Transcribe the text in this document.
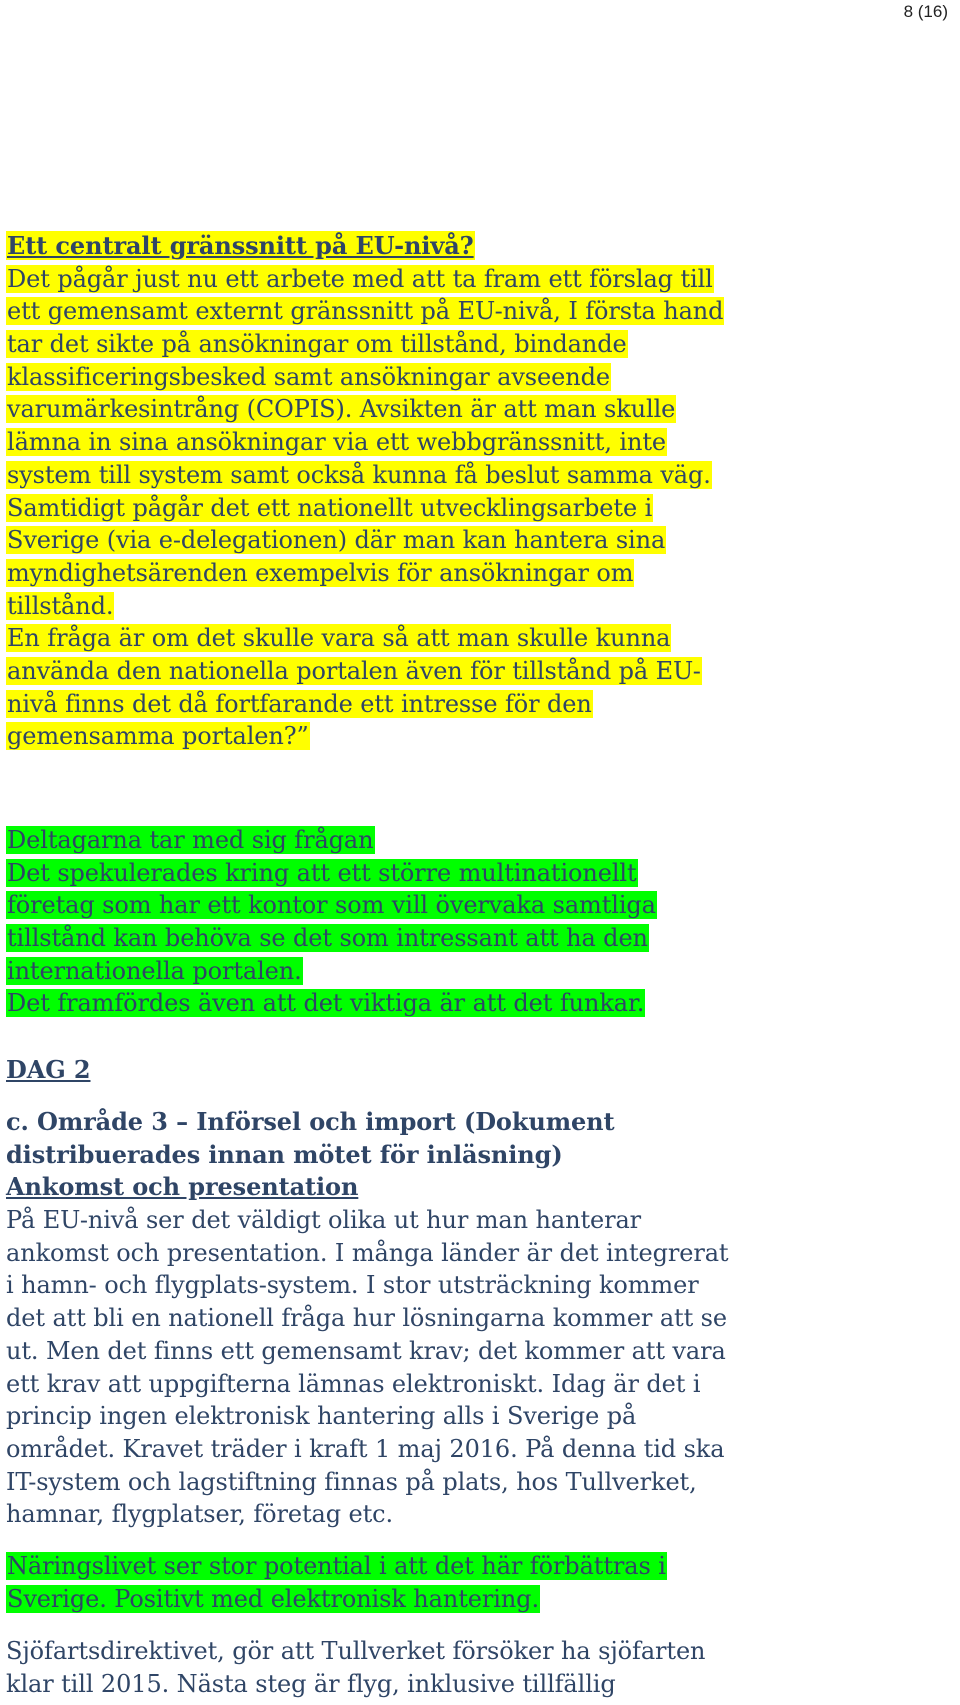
8 (16)
Ett centralt gränssnitt på EU-nivå?
Det pågår just nu ett arbete med att ta fram ett förslag till
ett gemensamt externt gränssnitt på EU-nivå, I första hand
tar det sikte på ansökningar om tillstånd, bindande
klassificeringsbesked samt ansökningar avseende
varumärkesintrång (COPIS). Avsikten är att man skulle
lämna in sina ansökningar via ett webbgränssnitt, inte
system till system samt också kunna få beslut samma väg.
Samtidigt pågår det ett nationellt utvecklingsarbete i
Sverige (via e-delegationen) där man kan hantera sina
myndighetsärenden exempelvis för ansökningar om
tillstånd.
En fråga är om det skulle vara så att man skulle kunna
använda den nationella portalen även för tillstånd på EU-
nivå finns det då fortfarande ett intresse för den
gemensamma portalen?”
Deltagarna tar med sig frågan
Det spekulerades kring att ett större multinationellt
företag som har ett kontor som vill övervaka samtliga
tillstånd kan behöva se det som intressant att ha den
internationella portalen.
Det framfördes även att det viktiga är att det funkar.
DAG 2
c. Område 3 – Införsel och import (Dokument
distribuerades innan mötet för inläsning)
Ankomst och presentation
På EU-nivå ser det väldigt olika ut hur man hanterar
ankomst och presentation. I många länder är det integrerat
i hamn- och flygplats-system. I stor utsträckning kommer
det att bli en nationell fråga hur lösningarna kommer att se
ut. Men det finns ett gemensamt krav; det kommer att vara
ett krav att uppgifterna lämnas elektroniskt. Idag är det i
princip ingen elektronisk hantering alls i Sverige på
området. Kravet träder i kraft 1 maj 2016. På denna tid ska
IT-system och lagstiftning finnas på plats, hos Tullverket,
hamnar, flygplatser, företag etc.
Näringslivet ser stor potential i att det här förbättras i
Sverige. Positivt med elektronisk hantering.
Sjöfartsdirektivet, gör att Tullverket försöker ha sjöfarten
klar till 2015. Nästa steg är flyg, inklusive tillfällig
